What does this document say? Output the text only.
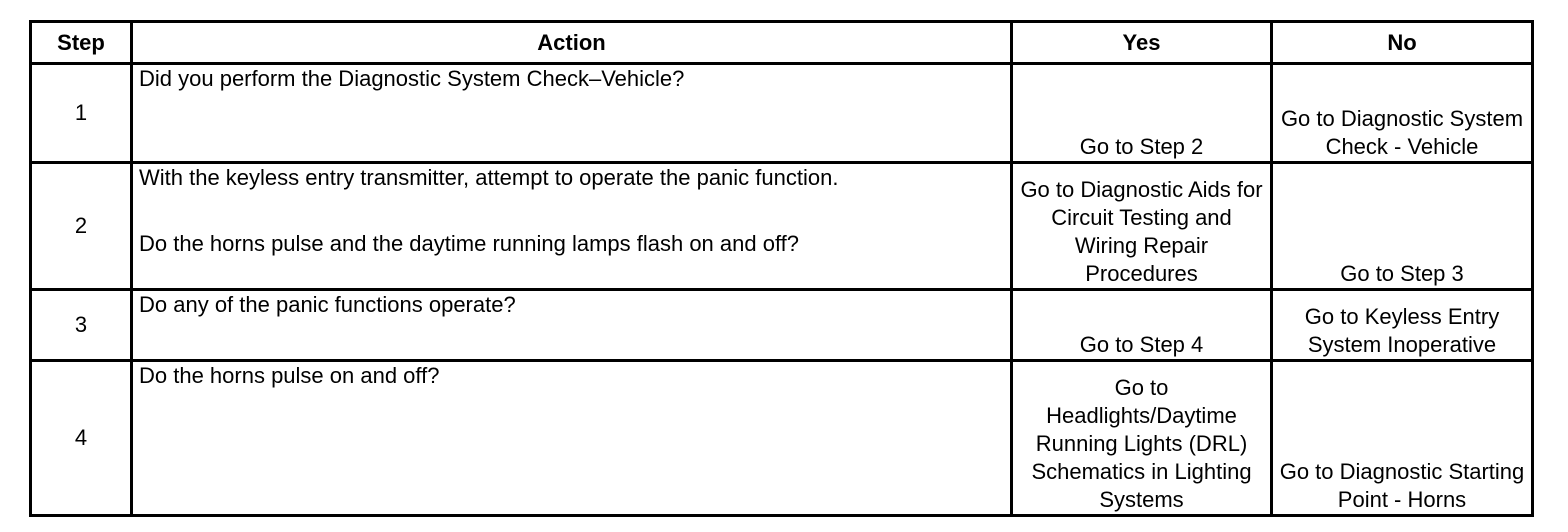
Step	Action	Yes	No
1	Did you perform the Diagnostic System Check–Vehicle?	Go to Step 2	Go to Diagnostic System Check - Vehicle
2	With the keyless entry transmitter, attempt to operate the panic function.

Do the horns pulse and the daytime running lamps flash on and off?	Go to Diagnostic Aids for Circuit Testing and Wiring Repair Procedures	Go to Step 3
3	Do any of the panic functions operate?	Go to Step 4	Go to Keyless Entry System Inoperative
4	Do the horns pulse on and off?	Go to Headlights/Daytime Running Lights (DRL) Schematics in Lighting Systems	Go to Diagnostic Starting Point - Horns
